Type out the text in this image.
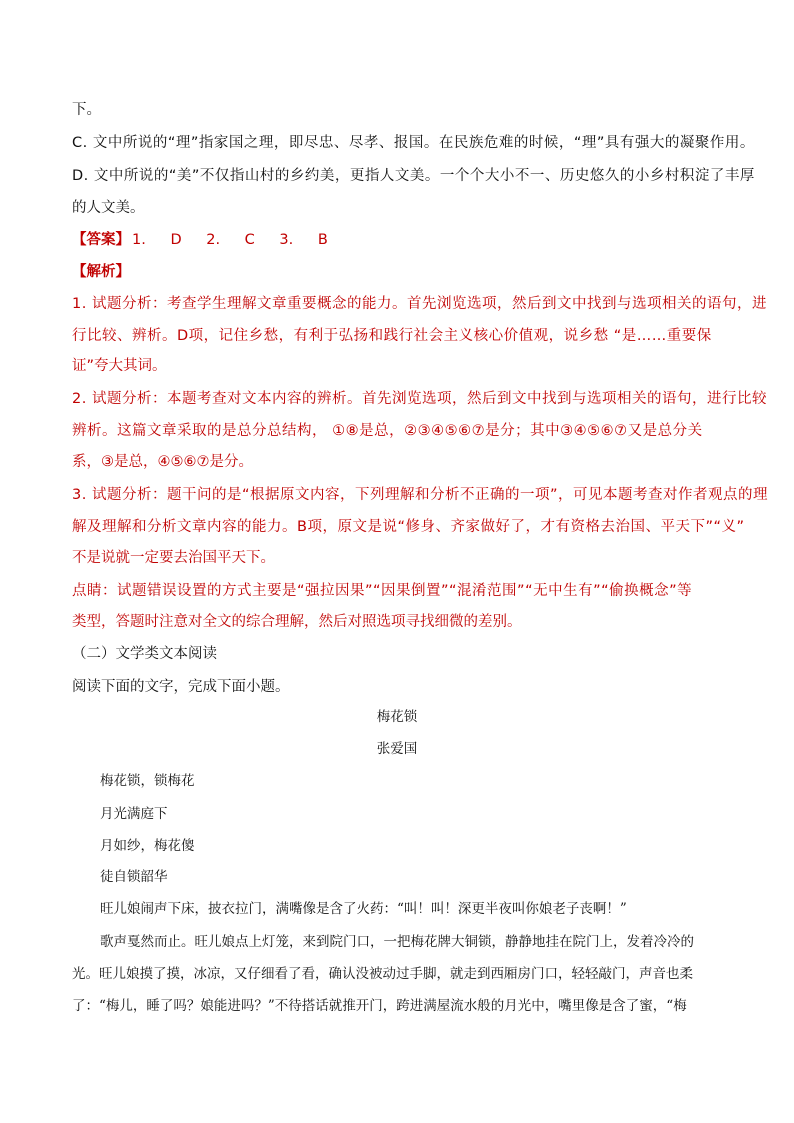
下。
C. 文中所说的“理”指家国之理，即尽忠、尽孝、报国。在民族危难的时候，“理”具有强大的凝聚作用。
D. 文中所说的“美”不仅指山村的乡约美，更指人文美。一个个大小不一、历史悠久的小乡村积淀了丰厚
的人文美。
【答案】 1. D 2. C 3. B
【解析】
1. 试题分析：考查学生理解文章重要概念的能力。首先浏览选项，然后到文中找到与选项相关的语句，进
行比较、辨析。D项，记住乡愁，有利于弘扬和践行社会主义核心价值观，说乡愁 “是……重要保
证”夸大其词。
2. 试题分析：本题考查对文本内容的辨析。首先浏览选项，然后到文中找到与选项相关的语句，进行比较
辨析。这篇文章采取的是总分总结构， ①⑧是总，②③④⑤⑥⑦是分；其中③④⑤⑥⑦又是总分关
系，③是总，④⑤⑥⑦是分。
3. 试题分析：题干问的是“根据原文内容，下列理解和分析不正确的一项”，可见本题考查对作者观点的理
解及理解和分析文章内容的能力。B项，原文是说“修身、齐家做好了，才有资格去治国、平天下”“义”
不是说就一定要去治国平天下。
点睛：试题错误设置的方式主要是“强拉因果”“因果倒置”“混淆范围”“无中生有”“偷换概念”等
类型，答题时注意对全文的综合理解，然后对照选项寻找细微的差别。
（二）文学类文本阅读
阅读下面的文字，完成下面小题。
梅花锁
张爱国
梅花锁，锁梅花
月光满庭下
月如纱，梅花傻
徒自锁韶华
旺儿娘闹声下床，披衣拉门，满嘴像是含了火药：“叫！叫！深更半夜叫你娘老子丧啊！”
歌声戛然而止。旺儿娘点上灯笼，来到院门口，一把梅花牌大铜锁，静静地挂在院门上，发着冷冷的
光。旺儿娘摸了摸，冰凉，又仔细看了看，确认没被动过手脚，就走到西厢房门口，轻轻敲门，声音也柔
了：“梅儿，睡了吗？娘能进吗？”不待搭话就推开门，跨进满屋流水般的月光中，嘴里像是含了蜜，“梅
